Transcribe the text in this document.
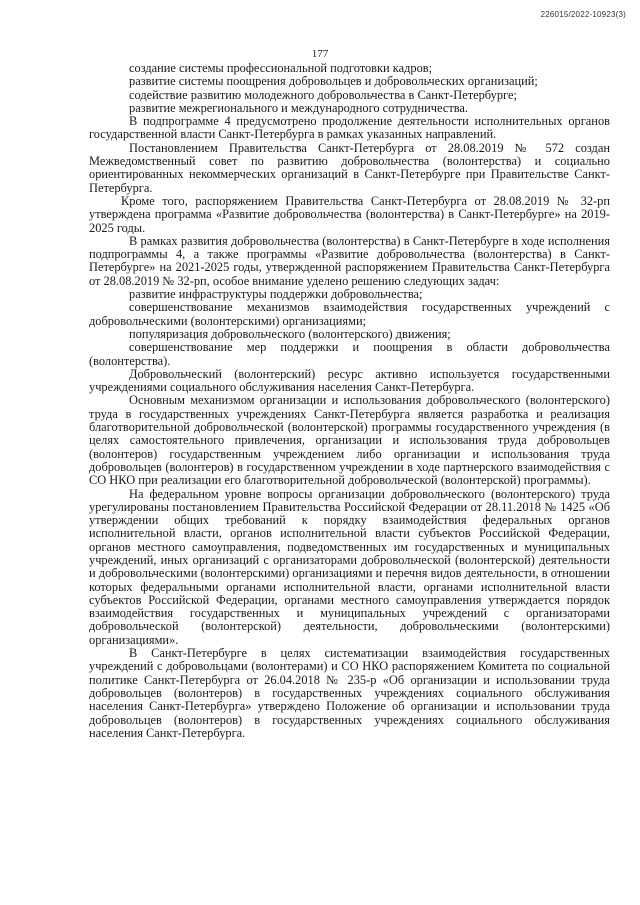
226015/2022-10923(3)
177

создание системы профессиональной подготовки кадров;

развитие системы поощрения добровольцев и добровольческих организаций;

содействие развитию молодежного добровольчества в Санкт-Петербурге;

развитие межрегионального и международного сотрудничества.

В подпрограмме 4 предусмотрено продолжение деятельности исполнительных органов государственной власти Санкт-Петербурга в рамках указанных направлений.

Постановлением Правительства Санкт-Петербурга от 28.08.2019 № 572 создан Межведомственный совет по развитию добровольчества (волонтерства) и социально ориентированных некоммерческих организаций в Санкт-Петербурге при Правительстве Санкт-Петербурга.

Кроме того, распоряжением Правительства Санкт-Петербурга от 28.08.2019 № 32-рп утверждена программа «Развитие добровольчества (волонтерства) в Санкт-Петербурге» на 2019-2025 годы.

В рамках развития добровольчества (волонтерства) в Санкт-Петербурге в ходе исполнения подпрограммы 4, а также программы «Развитие добровольчества (волонтерства) в Санкт-Петербурге» на 2021-2025 годы, утвержденной распоряжением Правительства Санкт-Петербурга от 28.08.2019 № 32-рп, особое внимание уделено решению следующих задач:

развитие инфраструктуры поддержки добровольчества;

совершенствование механизмов взаимодействия государственных учреждений с добровольческими (волонтерскими) организациями;

популяризация добровольческого (волонтерского) движения;

совершенствование мер поддержки и поощрения в области добровольчества (волонтерства).

Добровольческий (волонтерский) ресурс активно используется государственными учреждениями социального обслуживания населения Санкт-Петербурга.

Основным механизмом организации и использования добровольческого (волонтерского) труда в государственных учреждениях Санкт-Петербурга является разработка и реализация благотворительной добровольческой (волонтерской) программы государственного учреждения (в целях самостоятельного привлечения, организации и использования труда добровольцев (волонтеров) государственным учреждением либо организации и использования труда добровольцев (волонтеров) в государственном учреждении в ходе партнерского взаимодействия с СО НКО при реализации его благотворительной добровольческой (волонтерской) программы).

На федеральном уровне вопросы организации добровольческого (волонтерского) труда урегулированы постановлением Правительства Российской Федерации от 28.11.2018 № 1425 «Об утверждении общих требований к порядку взаимодействия федеральных органов исполнительной власти, органов исполнительной власти субъектов Российской Федерации, органов местного самоуправления, подведомственных им государственных и муниципальных учреждений, иных организаций с организаторами добровольческой (волонтерской) деятельности и добровольческими (волонтерскими) организациями и перечня видов деятельности, в отношении которых федеральными органами исполнительной власти, органами исполнительной власти субъектов Российской Федерации, органами местного самоуправления утверждается порядок взаимодействия государственных и муниципальных учреждений с организаторами добровольческой (волонтерской) деятельности, добровольческими (волонтерскими) организациями».

В Санкт-Петербурге в целях систематизации взаимодействия государственных учреждений с добровольцами (волонтерами) и СО НКО распоряжением Комитета по социальной политике Санкт-Петербурга от 26.04.2018 № 235-р «Об организации и использовании труда добровольцев (волонтеров) в государственных учреждениях социального обслуживания населения Санкт-Петербурга» утверждено Положение об организации и использовании труда добровольцев (волонтеров) в государственных учреждениях социального обслуживания населения Санкт-Петербурга.
